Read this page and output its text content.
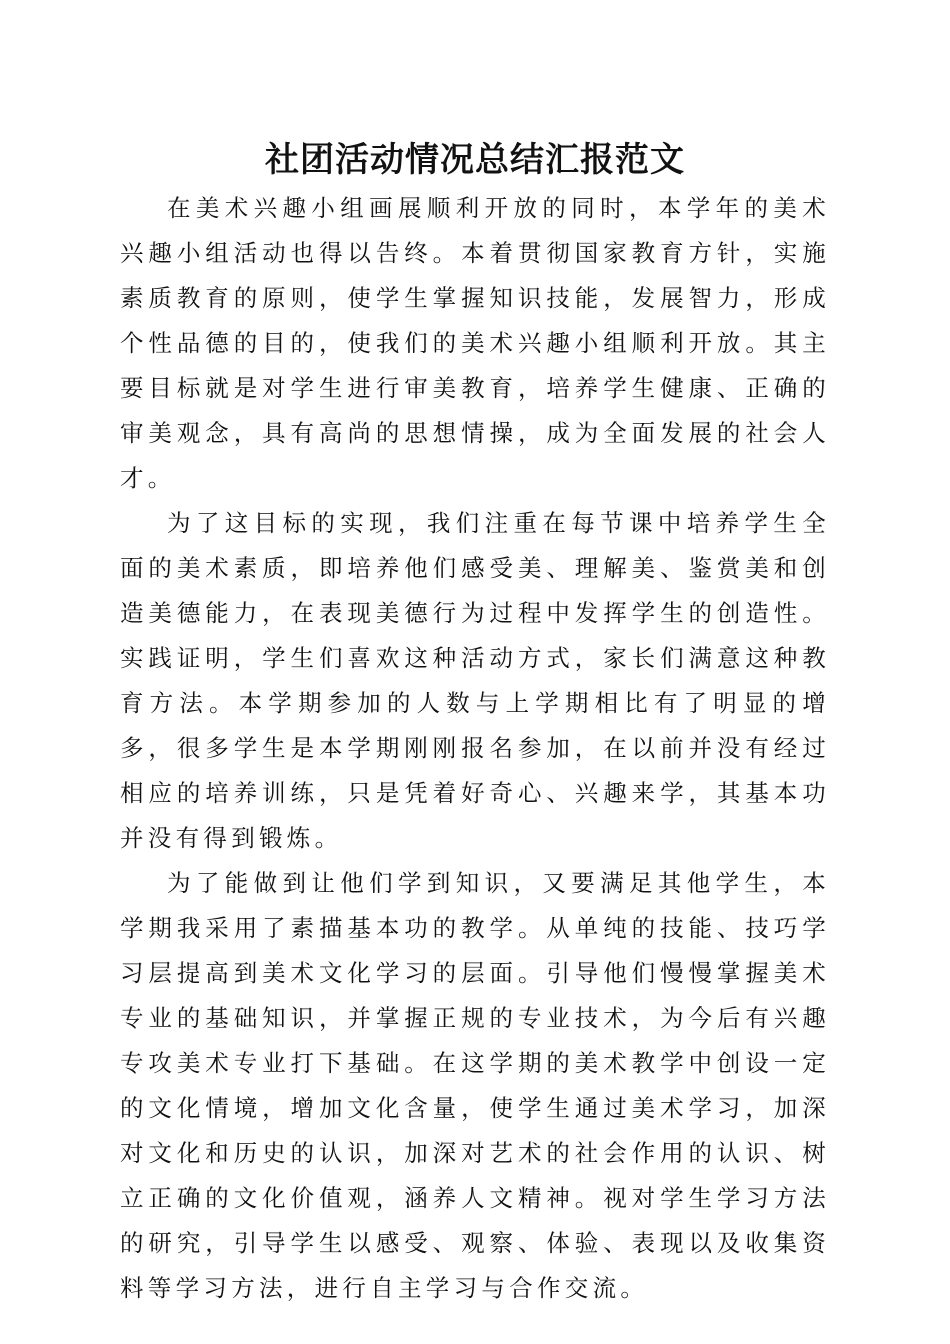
社团活动情况总结汇报范文

在美术兴趣小组画展顺利开放的同时，本学年的美术兴趣小组活动也得以告终。本着贯彻国家教育方针，实施素质教育的原则，使学生掌握知识技能，发展智力，形成个性品德的目的，使我们的美术兴趣小组顺利开放。其主要目标就是对学生进行审美教育，培养学生健康、正确的审美观念，具有高尚的思想情操，成为全面发展的社会人才。

为了这目标的实现，我们注重在每节课中培养学生全面的美术素质，即培养他们感受美、理解美、鉴赏美和创造美德能力，在表现美德行为过程中发挥学生的创造性。实践证明，学生们喜欢这种活动方式，家长们满意这种教育方法。本学期参加的人数与上学期相比有了明显的增多，很多学生是本学期刚刚报名参加，在以前并没有经过相应的培养训练，只是凭着好奇心、兴趣来学，其基本功并没有得到锻炼。

为了能做到让他们学到知识，又要满足其他学生，本学期我采用了素描基本功的教学。从单纯的技能、技巧学习层提高到美术文化学习的层面。引导他们慢慢掌握美术专业的基础知识，并掌握正规的专业技术，为今后有兴趣专攻美术专业打下基础。在这学期的美术教学中创设一定的文化情境，增加文化含量，使学生通过美术学习，加深对文化和历史的认识，加深对艺术的社会作用的认识、树立正确的文化价值观，涵养人文精神。视对学生学习方法的研究，引导学生以感受、观察、体验、表现以及收集资料等学习方法，进行自主学习与合作交流。
